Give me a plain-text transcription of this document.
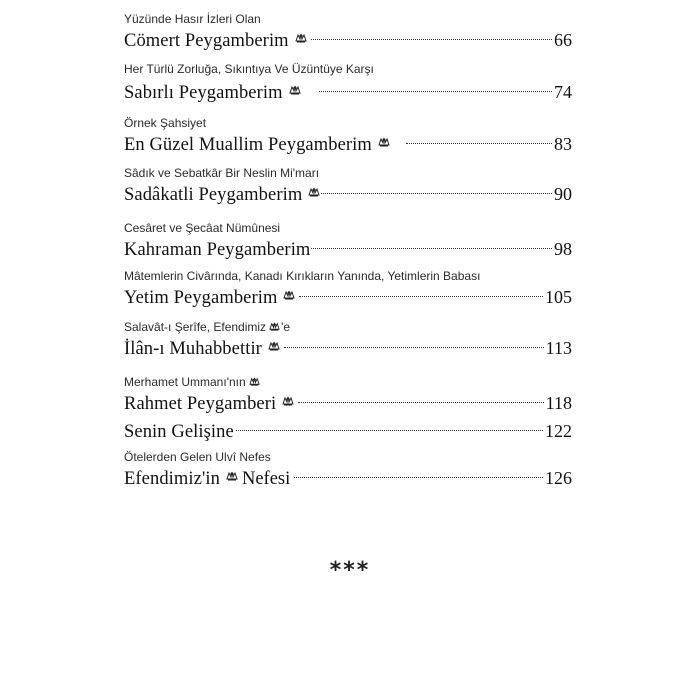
Yüzünde Hasır İzleri Olan
Cömert Peygamberim	66
Her Türlü Zorluğa, Sıkıntıya Ve Üzüntüye Karşı
Sabırlı Peygamberim	74
Örnek Şahsiyet
En Güzel Muallim Peygamberim	83
Sâdık ve Sebatkâr Bir Neslin Mi'marı
Sadâkatli Peygamberim	90
Cesâret ve Şecâat Nümûnesi
Kahraman Peygamberim	98
Mâtemlerin Civârında, Kanadı Kırıkların Yanında, Yetimlerin Babası
Yetim Peygamberim	105
Salavât-ı Şerîfe, Efendimiz 'e
İlân-ı Muhabbettir	113
Merhamet Ummanı'nın
Rahmet Peygamberi	118
Senin Gelişine	122
Ötelerden Gelen Ulvî Nefes
Efendimiz'in Nefesi	126
***
